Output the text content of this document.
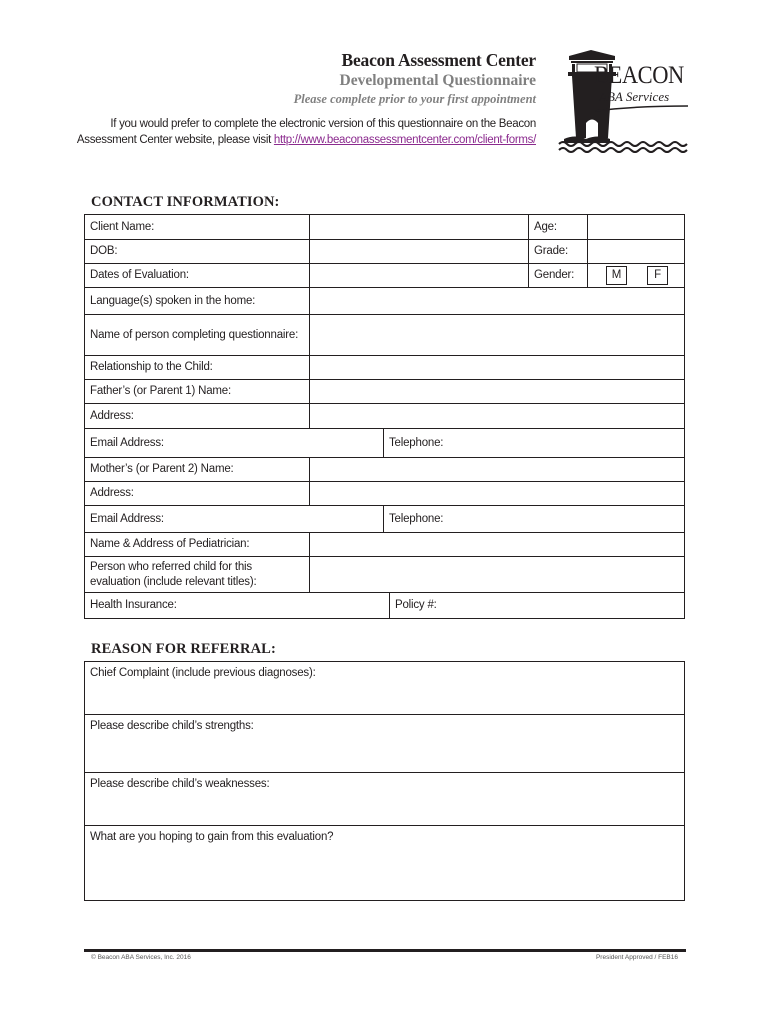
Beacon Assessment Center
Developmental Questionnaire
Please complete prior to your first appointment
If you would prefer to complete the electronic version of this questionnaire on the Beacon
Assessment Center website, please visit http://www.beaconassessmentcenter.com/client-forms/
BEACON
ABA Services
CONTACT INFORMATION:
Client Name:	Age:
DOB:	Grade:
Dates of Evaluation:	Gender:	M	F
Language(s) spoken in the home:
Name of person completing questionnaire:
Relationship to the Child:
Father’s (or Parent 1) Name:
Address:
Email Address:	Telephone:
Mother’s (or Parent 2) Name:
Address:
Email Address:	Telephone:
Name & Address of Pediatrician:
Person who referred child for this
evaluation (include relevant titles):
Health Insurance:	Policy #:
REASON FOR REFERRAL:
Chief Complaint (include previous diagnoses):
Please describe child’s strengths:
Please describe child’s weaknesses:
What are you hoping to gain from this evaluation?
© Beacon ABA Services, Inc. 2016	President Approved / FEB16
